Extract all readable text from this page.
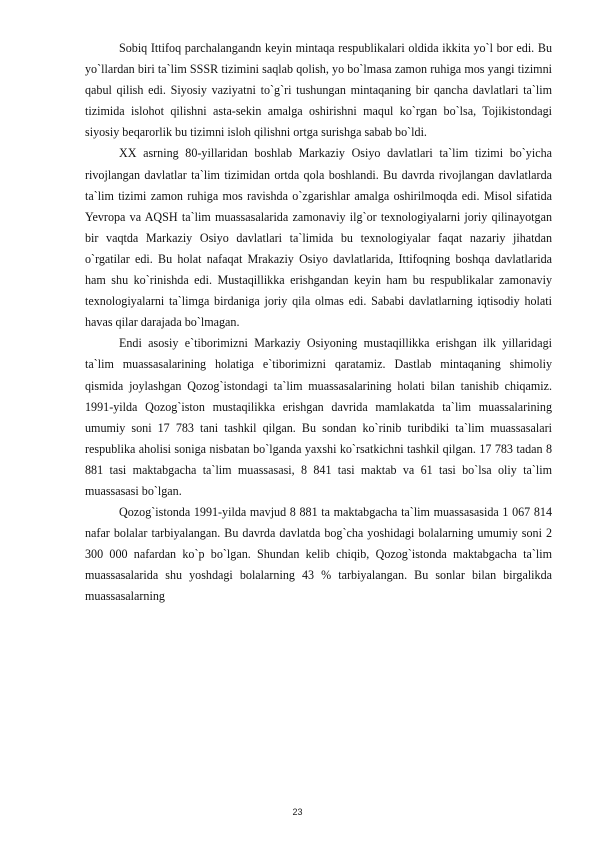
Sobiq Ittifoq parchalangandn keyin mintaqa respublikalari oldida ikkita yo`l bor edi. Bu yo`llardan biri ta`lim SSSR tizimini saqlab qolish, yo bo`lmasa zamon ruhiga mos yangi tizimni qabul qilish edi. Siyosiy vaziyatni to`g`ri tushungan mintaqaning bir qancha davlatlari ta`lim tizimida islohot qilishni asta-sekin amalga oshirishni maqul ko`rgan bo`lsa, Tojikistondagi siyosiy beqarorlik bu tizimni isloh qilishni ortga surishga sabab bo`ldi.

XX asrning 80-yillaridan boshlab Markaziy Osiyo davlatlari ta`lim tizimi bo`yicha rivojlangan davlatlar ta`lim tizimidan ortda qola boshlandi. Bu davrda rivojlangan davlatlarda ta`lim tizimi zamon ruhiga mos ravishda o`zgarishlar amalga oshirilmoqda edi. Misol sifatida Yevropa va AQSH ta`lim muassasalarida zamonaviy ilg`or texnologiyalarni joriy qilinayotgan bir vaqtda Markaziy Osiyo davlatlari ta`limida bu texnologiyalar faqat nazariy jihatdan o`rgatilar edi. Bu holat nafaqat Mrakaziy Osiyo davlatlarida, Ittifoqning boshqa davlatlarida ham shu ko`rinishda edi. Mustaqillikka erishgandan keyin ham bu respublikalar zamonaviy texnologiyalarni ta`limga birdaniga joriy qila olmas edi. Sababi davlatlarning iqtisodiy holati havas qilar darajada bo`lmagan.

Endi asosiy e`tiborimizni Markaziy Osiyoning mustaqillikka erishgan ilk yillaridagi ta`lim muassasalarining holatiga e`tiborimizni qaratamiz. Dastlab mintaqaning shimoliy qismida joylashgan Qozog`istondagi ta`lim muassasalarining holati bilan tanishib chiqamiz. 1991-yilda Qozog`iston mustaqilikka erishgan davrida mamlakatda ta`lim muassalarining umumiy soni 17 783 tani tashkil qilgan. Bu sondan ko`rinib turibdiki ta`lim muassasalari respublika aholisi soniga nisbatan bo`lganda yaxshi ko`rsatkichni tashkil qilgan. 17 783 tadan 8 881 tasi maktabgacha ta`lim muassasasi, 8 841 tasi maktab va 61 tasi bo`lsa oliy ta`lim muassasasi bo`lgan.

Qozog`istonda 1991-yilda mavjud 8 881 ta maktabgacha ta`lim muassasasida 1 067 814 nafar bolalar tarbiyalangan. Bu davrda davlatda bog`cha yoshidagi bolalarning umumiy soni 2 300 000 nafardan ko`p bo`lgan. Shundan kelib chiqib, Qozog`istonda maktabgacha ta`lim muassasalarida shu yoshdagi bolalarning 43 % tarbiyalangan. Bu sonlar bilan birgalikda muassasalarning

23
